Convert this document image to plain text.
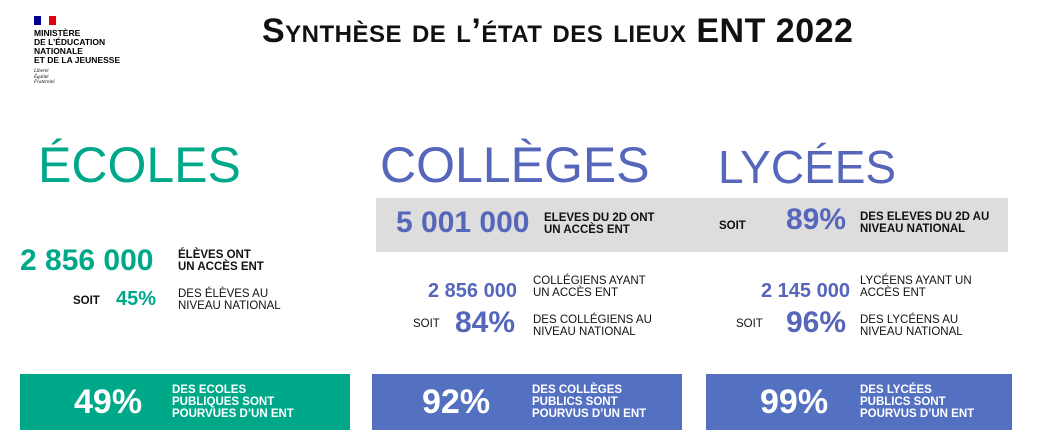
MINISTÈRE
DE L’ÉDUCATION
NATIONALE
ET DE LA JEUNESSE
Liberté
Égalité
Fraternité
Synthèse de l’état des lieux ENT 2022
ÉCOLES	COLLÈGES LYCÉES
5 001 000 ELEVES DU 2D ONT
UN ACCÈS ENT	SOIT 89% DES ELEVES DU 2D AU
NIVEAU NATIONAL
2 856 000 ÉLÈVES ONT
UN ACCÈS ENT
SOIT 45% DES ÉLÈVES AU
NIVEAU NATIONAL
2 856 000 COLLÉGIENS AYANT
UN ACCÈS ENT
SOIT 84% DES COLLÉGIENS AU
NIVEAU NATIONAL
2 145 000 LYCÉENS AYANT UN
ACCÈS ENT
SOIT 96% DES LYCÉENS AU
NIVEAU NATIONAL
49%	DES ECOLES
PUBLIQUES SONT
POURVUES D’UN ENT	92%	DES COLLÈGES
PUBLICS SONT
POURVUS D’UN ENT	99%	DES LYCÉES
PUBLICS SONT
POURVUS D’UN ENT
